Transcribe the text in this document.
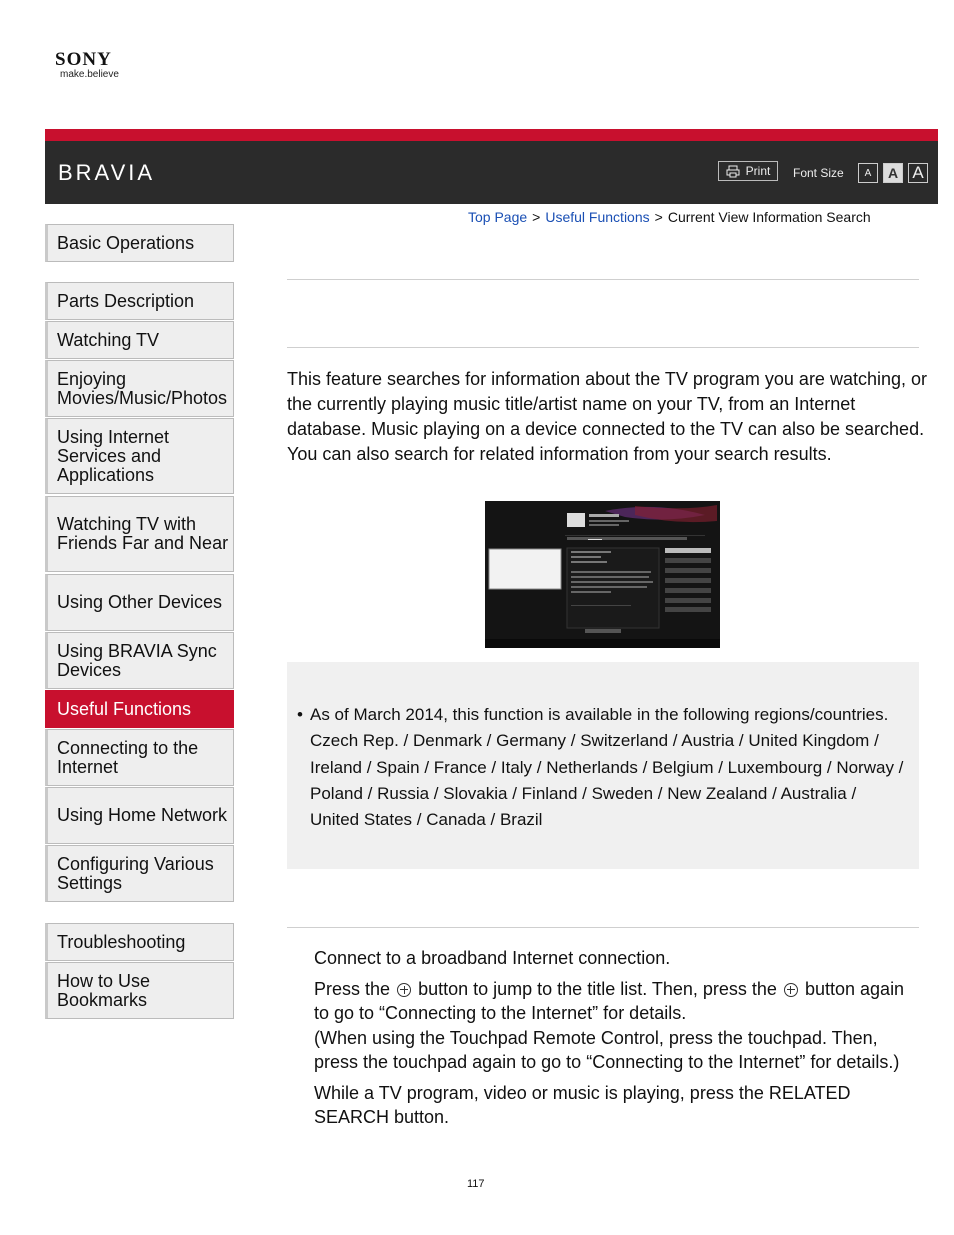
SONY
make.believe
BRAVIA	Print Font Size	A	A A
Top Page > Useful Functions > Current View Information Search
Basic Operations
Parts Description
Watching TV
Enjoying Movies/Music/Photos
Using Internet Services and Applications
Watching TV with Friends Far and Near
Using Other Devices
Using BRAVIA Sync Devices
Useful Functions
Connecting to the Internet
Using Home Network
Configuring Various Settings
Troubleshooting
How to Use Bookmarks
This feature searches for information about the TV program you are watching, or the currently playing music title/artist name on your TV, from an Internet database. Music playing on a device connected to the TV can also be searched.
You can also search for related information from your search results.
• As of March 2014, this function is available in the following regions/countries.
Czech Rep. / Denmark / Germany / Switzerland / Austria / United Kingdom / Ireland / Spain / France / Italy / Netherlands / Belgium / Luxembourg / Norway / Poland / Russia / Slovakia / Finland / Sweden / New Zealand / Australia / United States / Canada / Brazil

Connect to a broadband Internet connection.

Press the button to jump to the title list. Then, press the button again to go to “Connecting to the Internet” for details.
(When using the Touchpad Remote Control, press the touchpad. Then, press the touchpad again to go to “Connecting to the Internet” for details.)

While a TV program, video or music is playing, press the RELATED SEARCH button.

117
